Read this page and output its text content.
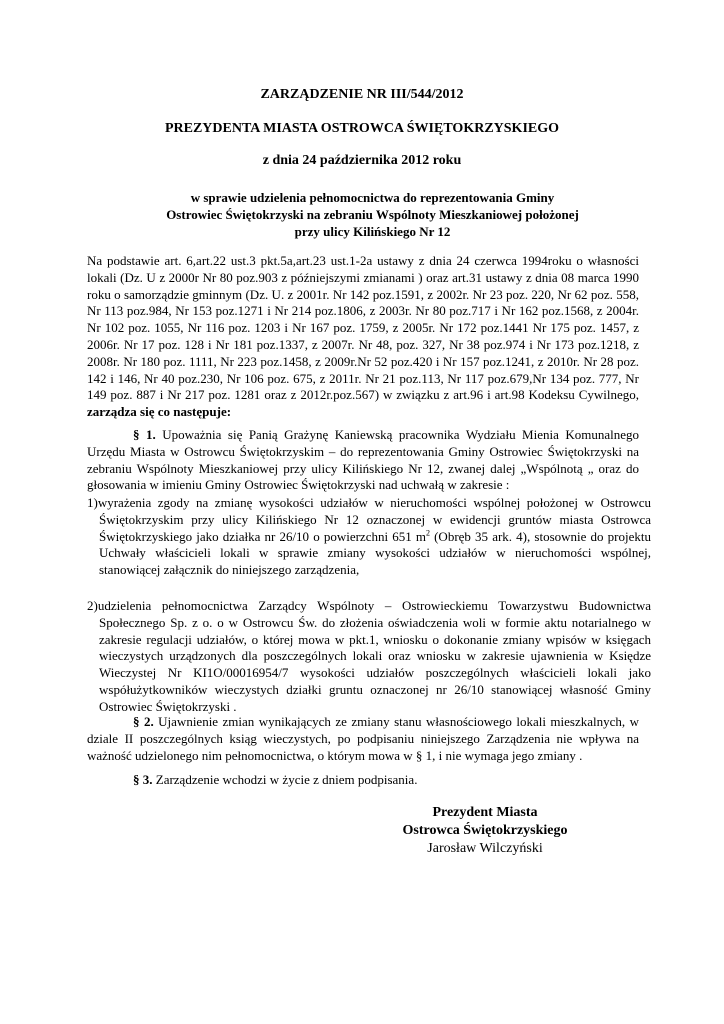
ZARZĄDZENIE NR III/544/2012
PREZYDENTA MIASTA OSTROWCA ŚWIĘTOKRZYSKIEGO
z dnia 24 października 2012 roku
w sprawie udzielenia pełnomocnictwa do reprezentowania Gminy
Ostrowiec Świętokrzyski na zebraniu Wspólnoty Mieszkaniowej położonej
przy ulicy Kilińskiego Nr 12

Na podstawie art. 6,art.22 ust.3 pkt.5a,art.23 ust.1-2a ustawy z dnia 24 czerwca 1994roku o własności lokali (Dz. U z 2000r Nr 80 poz.903 z późniejszymi zmianami ) oraz art.31 ustawy z dnia 08 marca 1990 roku o samorządzie gminnym (Dz. U. z 2001r. Nr 142 poz.1591, z 2002r. Nr 23 poz. 220, Nr 62 poz. 558, Nr 113 poz.984, Nr 153 poz.1271 i Nr 214 poz.1806, z 2003r. Nr 80 poz.717 i Nr 162 poz.1568, z 2004r. Nr 102 poz. 1055, Nr 116 poz. 1203 i Nr 167 poz. 1759, z 2005r. Nr 172 poz.1441 Nr 175 poz. 1457, z 2006r. Nr 17 poz. 128 i Nr 181 poz.1337, z 2007r. Nr 48, poz. 327, Nr 38 poz.974 i Nr 173 poz.1218, z 2008r. Nr 180 poz. 1111, Nr 223 poz.1458, z 2009r.Nr 52 poz.420 i Nr 157 poz.1241, z 2010r. Nr 28 poz. 142 i 146, Nr 40 poz.230, Nr 106 poz. 675, z 2011r. Nr 21 poz.113, Nr 117 poz.679,Nr 134 poz. 777, Nr 149 poz. 887 i Nr 217 poz. 1281 oraz z 2012r.poz.567) w związku z art.96 i art.98 Kodeksu Cywilnego, zarządza się co następuje:

§ 1. Upoważnia się Panią Grażynę Kaniewską pracownika Wydziału Mienia Komunalnego Urzędu Miasta w Ostrowcu Świętokrzyskim – do reprezentowania Gminy Ostrowiec Świętokrzyski na zebraniu Wspólnoty Mieszkaniowej przy ulicy Kilińskiego Nr 12, zwanej dalej „Wspólnotą „ oraz do głosowania w imieniu Gminy Ostrowiec Świętokrzyski nad uchwałą w zakresie :

1)wyrażenia zgody na zmianę wysokości udziałów w nieruchomości wspólnej położonej w Ostrowcu Świętokrzyskim przy ulicy Kilińskiego Nr 12 oznaczonej w ewidencji gruntów miasta Ostrowca Świętokrzyskiego jako działka nr 26/10 o powierzchni 651 $m^2$ (Obręb 35 ark. 4), stosownie do projektu Uchwały właścicieli lokali w sprawie zmiany wysokości udziałów w nieruchomości wspólnej, stanowiącej załącznik do niniejszego zarządzenia,
2)udzielenia pełnomocnictwa Zarządcy Wspólnoty – Ostrowieckiemu Towarzystwu Budownictwa Społecznego Sp. z o. o w Ostrowcu Św. do złożenia oświadczenia woli w formie aktu notarialnego w zakresie regulacji udziałów, o której mowa w pkt.1, wniosku o dokonanie zmiany wpisów w księgach wieczystych urządzonych dla poszczególnych lokali oraz wniosku w zakresie ujawnienia w Księdze Wieczystej Nr KI1O/00016954/7 wysokości udziałów poszczególnych właścicieli lokali jako współużytkowników wieczystych działki gruntu oznaczonej nr 26/10 stanowiącej własność Gminy Ostrowiec Świętokrzyski .

§ 2. Ujawnienie zmian wynikających ze zmiany stanu własnościowego lokali mieszkalnych, w dziale II poszczególnych ksiąg wieczystych, po podpisaniu niniejszego Zarządzenia nie wpływa na ważność udzielonego nim pełnomocnictwa, o którym mowa w § 1, i nie wymaga jego zmiany .

§ 3. Zarządzenie wchodzi w życie z dniem podpisania.

Prezydent Miasta
Ostrowca Świętokrzyskiego
Jarosław Wilczyński
